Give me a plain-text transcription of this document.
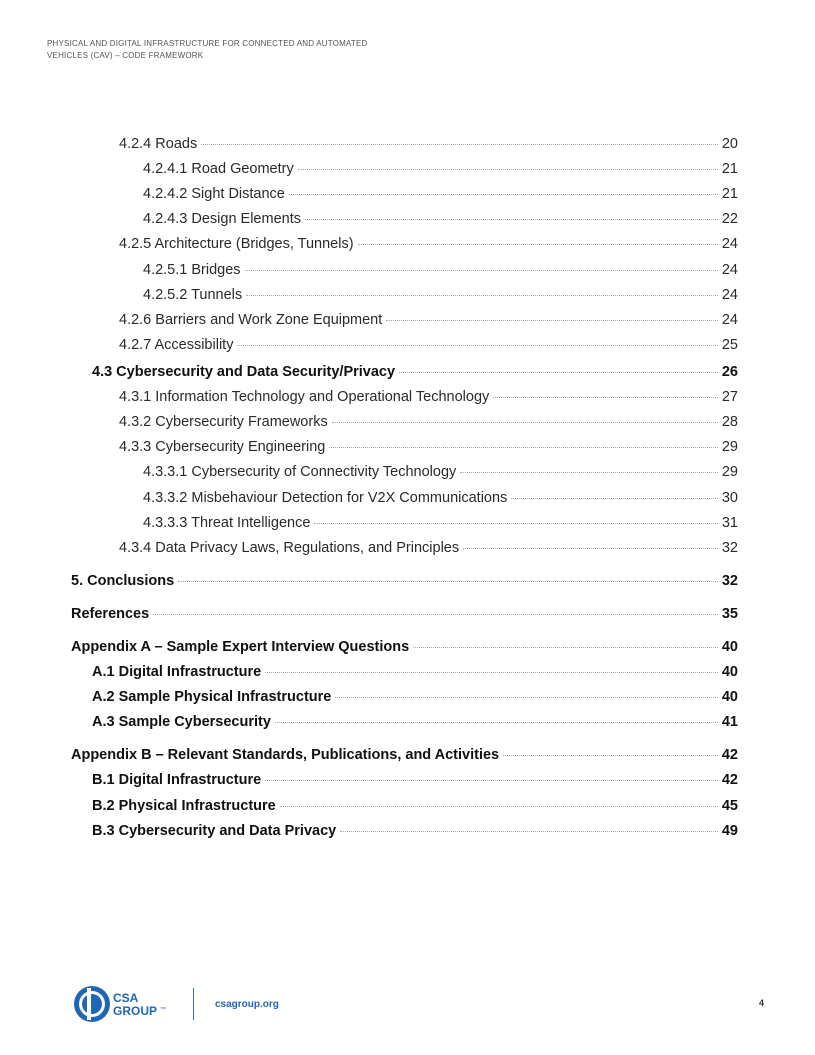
PHYSICAL AND DIGITAL INFRASTRUCTURE FOR CONNECTED AND AUTOMATED
VEHICLES (CAV) – CODE FRAMEWORK
4.2.4 Roads	20
4.2.4.1 Road Geometry	21
4.2.4.2 Sight Distance	21
4.2.4.3 Design Elements	22
4.2.5 Architecture (Bridges, Tunnels)	24
4.2.5.1 Bridges	24
4.2.5.2 Tunnels	24
4.2.6 Barriers and Work Zone Equipment	24
4.2.7 Accessibility	25
4.3 Cybersecurity and Data Security/Privacy	26
4.3.1 Information Technology and Operational Technology	27
4.3.2 Cybersecurity Frameworks	28
4.3.3 Cybersecurity Engineering	29
4.3.3.1 Cybersecurity of Connectivity Technology	29
4.3.3.2 Misbehaviour Detection for V2X Communications	30
4.3.3.3 Threat Intelligence	31
4.3.4 Data Privacy Laws, Regulations, and Principles	32
5. Conclusions	32
References	35
Appendix A – Sample Expert Interview Questions	40
A.1 Digital Infrastructure	40
A.2 Sample Physical Infrastructure	40
A.3 Sample Cybersecurity	41
Appendix B – Relevant Standards, Publications, and Activities	42
B.1 Digital Infrastructure	42
B.2 Physical Infrastructure	45
B.3 Cybersecurity and Data Privacy	49
CSA
GROUP ™	csagroup.org	4
